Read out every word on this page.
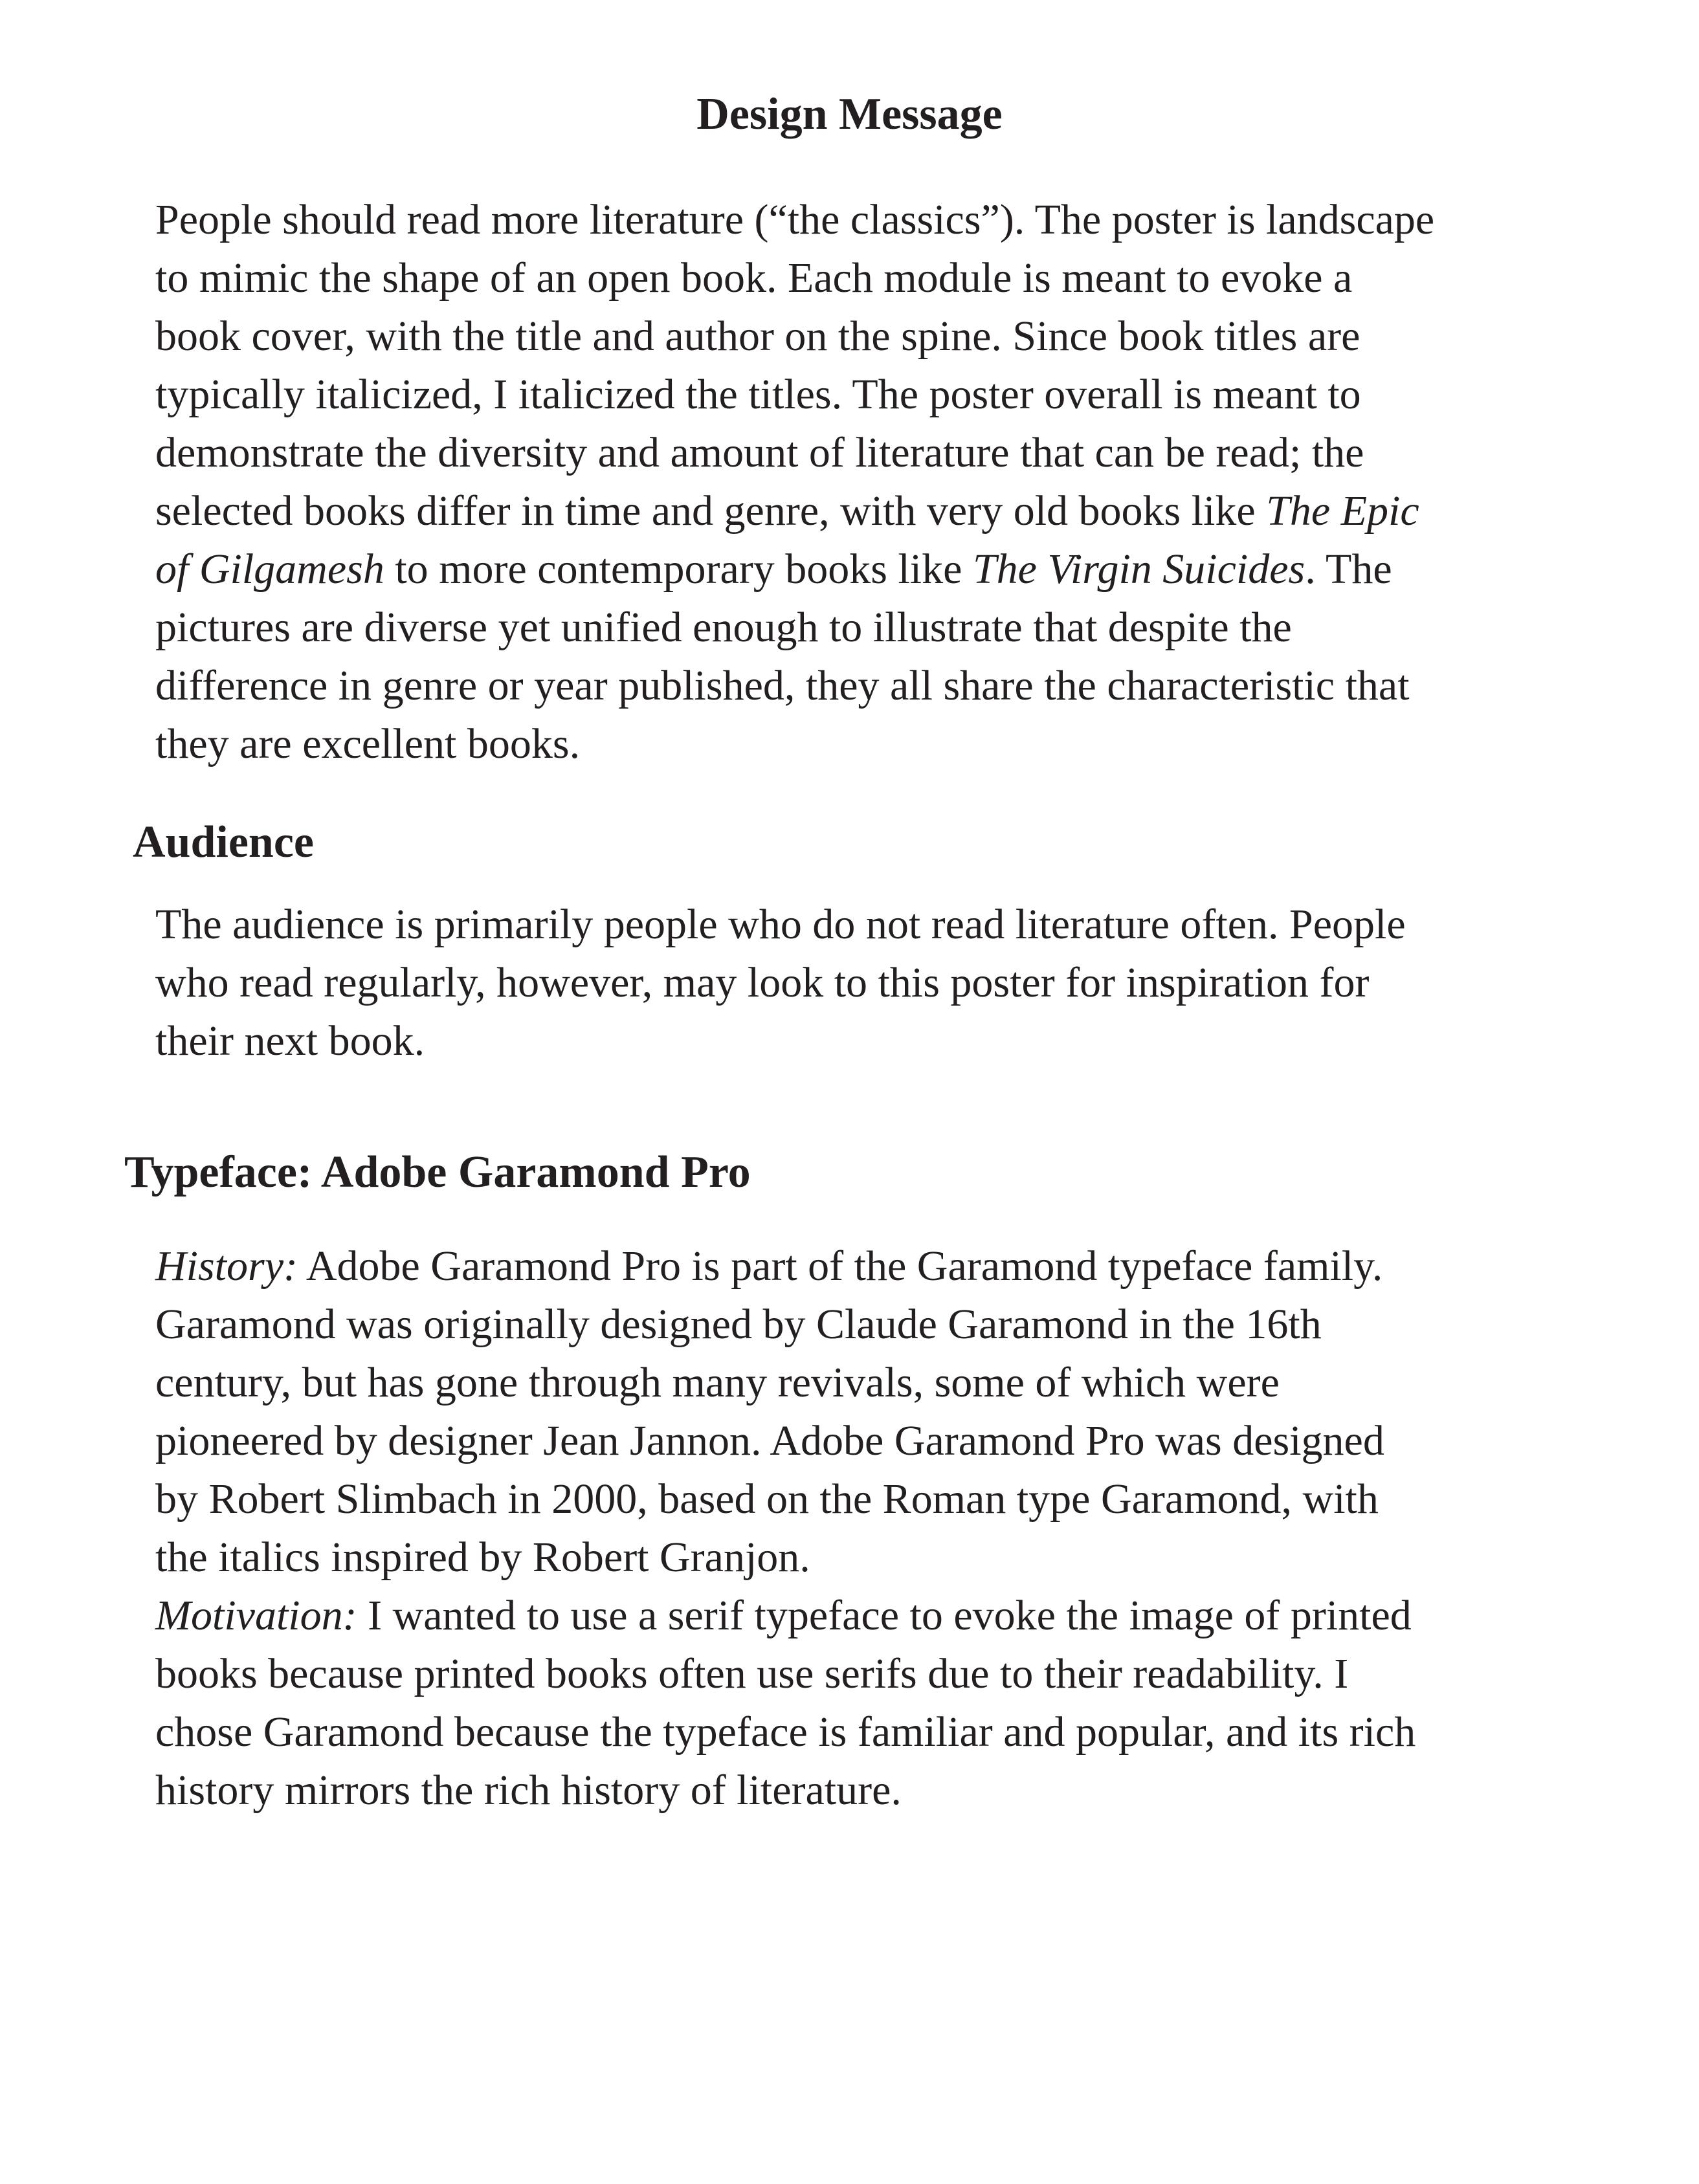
Design Message
People should read more literature (“the classics”). The poster is landscape
to mimic the shape of an open book. Each module is meant to evoke a
book cover, with the title and author on the spine. Since book titles are
typically italicized, I italicized the titles. The poster overall is meant to
demonstrate the diversity and amount of literature that can be read; the
selected books differ in time and genre, with very old books like The Epic
of Gilgamesh to more contemporary books like The Virgin Suicides. The
pictures are diverse yet unified enough to illustrate that despite the
difference in genre or year published, they all share the characteristic that
they are excellent books.
Audience
The audience is primarily people who do not read literature often. People
who read regularly, however, may look to this poster for inspiration for
their next book.
Typeface: Adobe Garamond Pro
History: Adobe Garamond Pro is part of the Garamond typeface family.
Garamond was originally designed by Claude Garamond in the 16th
century, but has gone through many revivals, some of which were
pioneered by designer Jean Jannon. Adobe Garamond Pro was designed
by Robert Slimbach in 2000, based on the Roman type Garamond, with
the italics inspired by Robert Granjon.
Motivation: I wanted to use a serif typeface to evoke the image of printed
books because printed books often use serifs due to their readability. I
chose Garamond because the typeface is familiar and popular, and its rich
history mirrors the rich history of literature.
